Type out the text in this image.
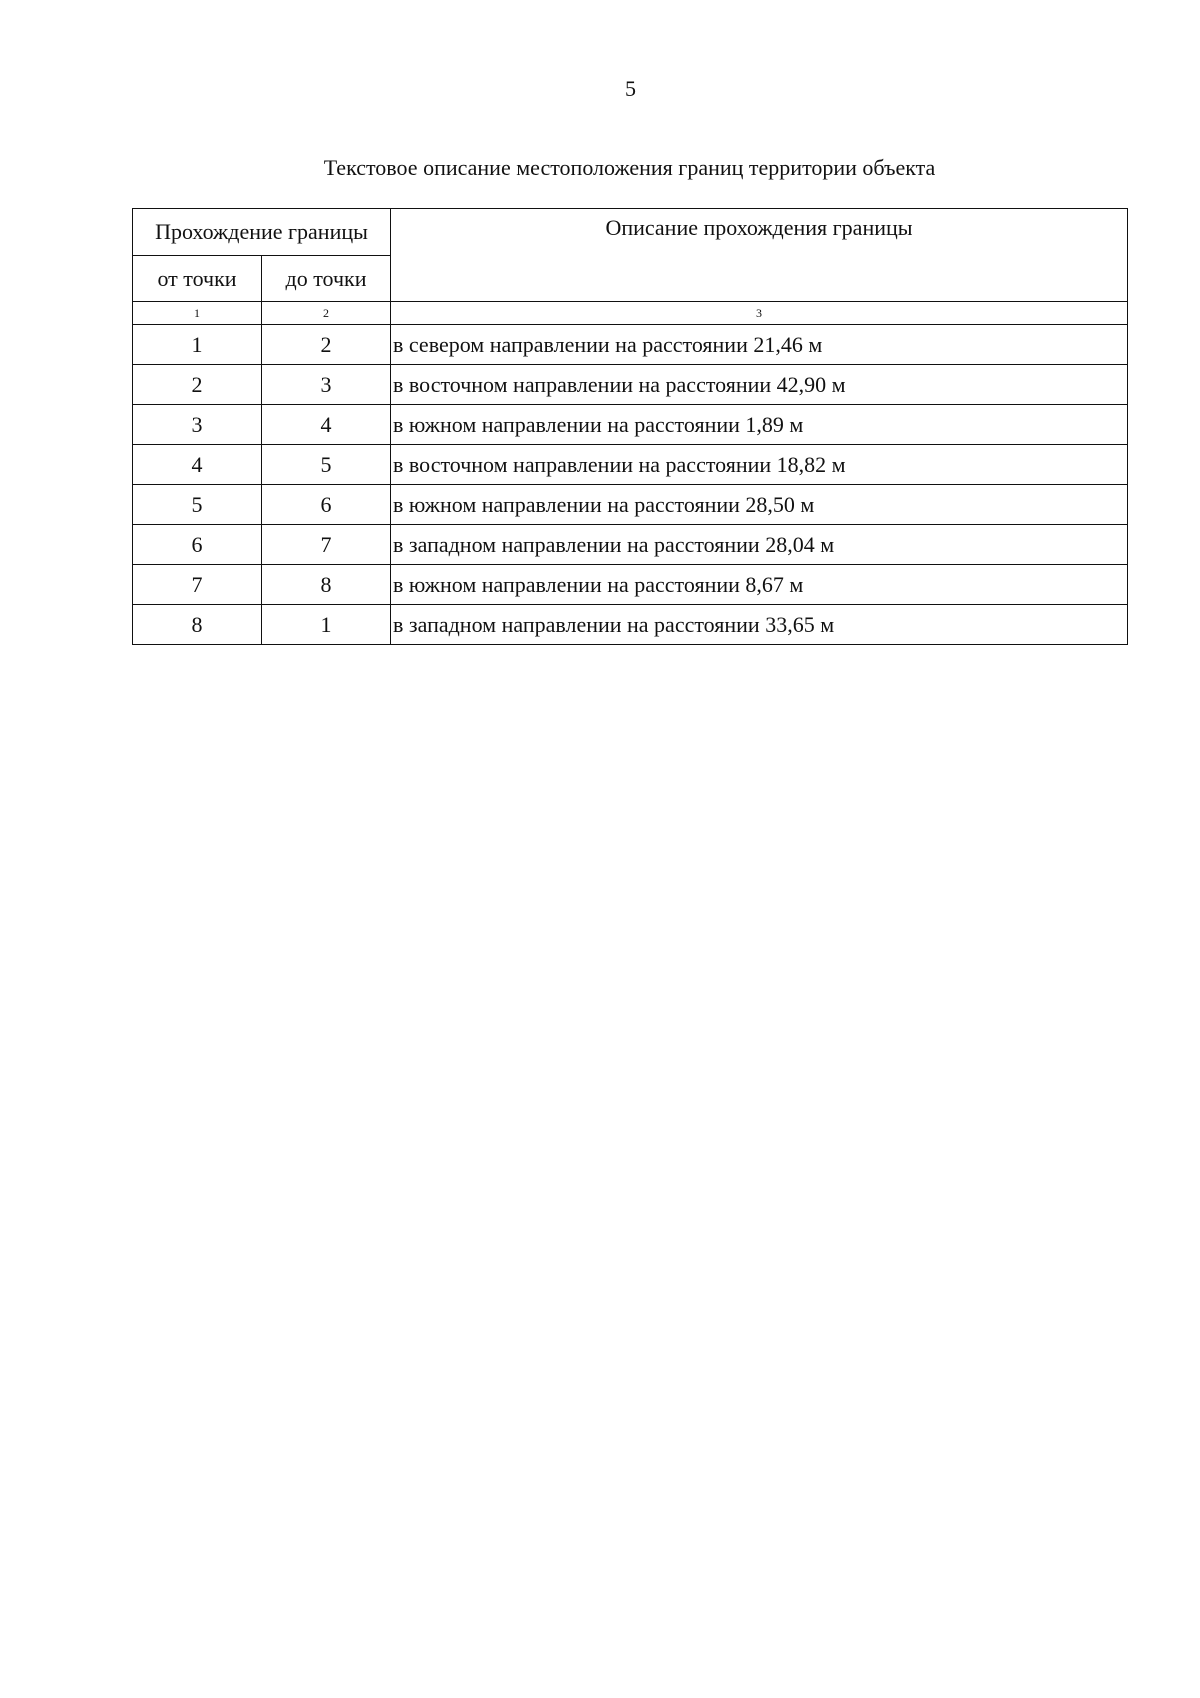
5
Текстовое описание местоположения границ территории объекта
Прохождение границы		Описание прохождения границы
от точки	до точки	
1	2	3
1	2	в севером направлении на расстоянии 21,46 м
2	3	в восточном направлении на расстоянии 42,90 м
3	4	в южном направлении на расстоянии 1,89 м
4	5	в восточном направлении на расстоянии 18,82 м
5	6	в южном направлении на расстоянии 28,50 м
6	7	в западном направлении на расстоянии 28,04 м
7	8	в южном направлении на расстоянии 8,67 м
8	1	в западном направлении на расстоянии 33,65 м
